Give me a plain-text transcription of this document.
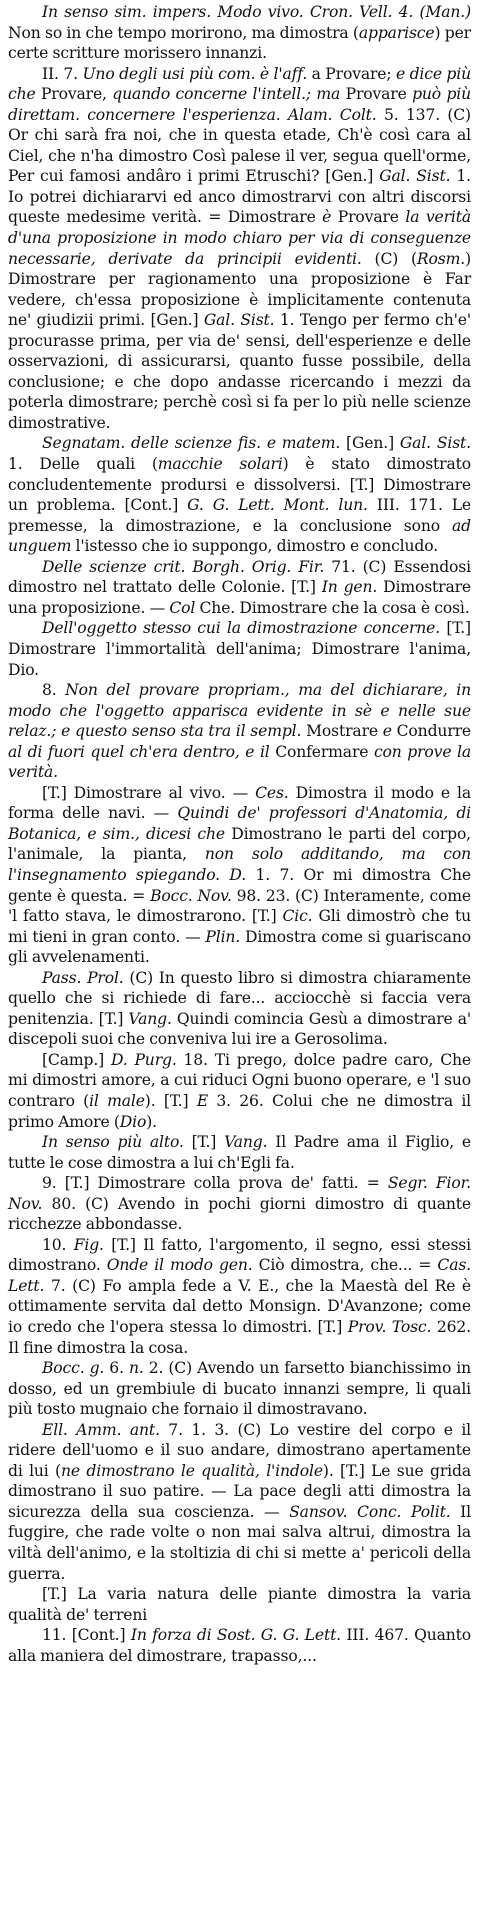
In senso sim. impers. Modo vivo. Cron. Vell. 4. (Man.) Non so in che tempo morirono, ma dimostra (apparisce) per certe scritture morissero innanzi.

II. 7. Uno degli usi più com. è l'aff. a Provare; e dice più che Provare, quando concerne l'intell.; ma Provare può più direttam. concernere l'esperienza. Alam. Colt. 5. 137. (C) Or chi sarà fra noi, che in questa etade, Ch'è così cara al Ciel, che n'ha dimostro Così palese il ver, segua quell'orme, Per cui famosi andâro i primi Etruschi? [Gen.] Gal. Sist. 1. Io potrei dichiararvi ed anco dimostrarvi con altri discorsi queste medesime verità. = Dimostrare è Provare la verità d'una proposizione in modo chiaro per via di conseguenze necessarie, derivate da principii evidenti. (C) (Rosm.) Dimostrare per ragionamento una proposizione è Far vedere, ch'essa proposizione è implicitamente contenuta ne' giudizii primi. [Gen.] Gal. Sist. 1. Tengo per fermo ch'e' procurasse prima, per via de' sensi, dell'esperienze e delle osservazioni, di assicurarsi, quanto fusse possibile, della conclusione; e che dopo andasse ricercando i mezzi da poterla dimostrare; perchè così si fa per lo più nelle scienze dimostrative.

Segnatam. delle scienze fis. e matem. [Gen.] Gal. Sist. 1. Delle quali (macchie solari) è stato dimostrato concludentemente prodursi e dissolversi. [T.] Dimostrare un problema. [Cont.] G. G. Lett. Mont. lun. III. 171. Le premesse, la dimostrazione, e la conclusione sono ad unguem l'istesso che io suppongo, dimostro e concludo.

Delle scienze crit. Borgh. Orig. Fir. 71. (C) Essendosi dimostro nel trattato delle Colonie. [T.] In gen. Dimostrare una proposizione. — Col Che. Dimostrare che la cosa è così.

Dell'oggetto stesso cui la dimostrazione concerne. [T.] Dimostrare l'immortalità dell'anima; Dimostrare l'anima, Dio.

8. Non del provare propriam., ma del dichiarare, in modo che l'oggetto apparisca evidente in sè e nelle sue relaz.; e questo senso sta tra il sempl. Mostrare e Condurre al di fuori quel ch'era dentro, e il Confermare con prove la verità.

[T.] Dimostrare al vivo. — Ces. Dimostra il modo e la forma delle navi. — Quindi de' professori d'Anatomia, di Botanica, e sim., dicesi che Dimostrano le parti del corpo, l'animale, la pianta, non solo additando, ma con l'insegnamento spiegando. D. 1. 7. Or mi dimostra Che gente è questa. = Bocc. Nov. 98. 23. (C) Interamente, come 'l fatto stava, le dimostrarono. [T.] Cic. Gli dimostrò che tu mi tieni in gran conto. — Plin. Dimostra come si guariscano gli avvelenamenti.

Pass. Prol. (C) In questo libro si dimostra chiaramente quello che si richiede di fare... acciocchè si faccia vera penitenzia. [T.] Vang. Quindi cominciа Gesù a dimostrare a' discepoli suoi che conveniva lui ire a Gerosolima.

[Camp.] D. Purg. 18. Ti prego, dolce padre caro, Che mi dimostri amore, a cui riduci Ogni buono operare, e 'l suo contraro (il male). [T.] E 3. 26. Colui che ne dimostra il primo Amore (Dio).

In senso più alto. [T.] Vang. Il Padre ama il Figlio, e tutte le cose dimostra a lui ch'Egli fa.

9. [T.] Dimostrare colla prova de' fatti. = Segr. Fior. Nov. 80. (C) Avendo in pochi giorni dimostro di quante ricchezze abbondasse.

10. Fig. [T.] Il fatto, l'argomento, il segno, essi stessi dimostrano. Onde il modo gen. Ciò dimostra, che... = Cas. Lett. 7. (C) Fo ampla fede a V. E., che la Maestà del Re è ottimamente servita dal detto Monsign. D'Avanzone; come io credo che l'opera stessa lo dimostri. [T.] Prov. Tosc. 262. Il fine dimostra la cosa.

Bocc. g. 6. n. 2. (C) Avendo un farsetto bianchissimo in dosso, ed un grembiule di bucato innanzi sempre, li quali più tosto mugnaio che fornaio il dimostravano.

Ell. Amm. ant. 7. 1. 3. (C) Lo vestire del corpo e il ridere dell'uomo e il suo andare, dimostrano apertamente di lui (ne dimostrano le qualità, l'indole). [T.] Le sue grida dimostrano il suo patire. — La pace degli atti dimostra la sicurezza della sua coscienza. — Sansov. Conc. Polit. Il fuggire, che rade volte o non mai salva altrui, dimostra la viltà dell'animo, e la stoltizia di chi si mette a' pericoli della guerra.

[T.] La varia natura delle piante dimostra la varia qualità de' terreni

11. [Cont.] In forza di Sost. G. G. Lett. III. 467. Quanto alla maniera del dimostrare, trapasso,...
